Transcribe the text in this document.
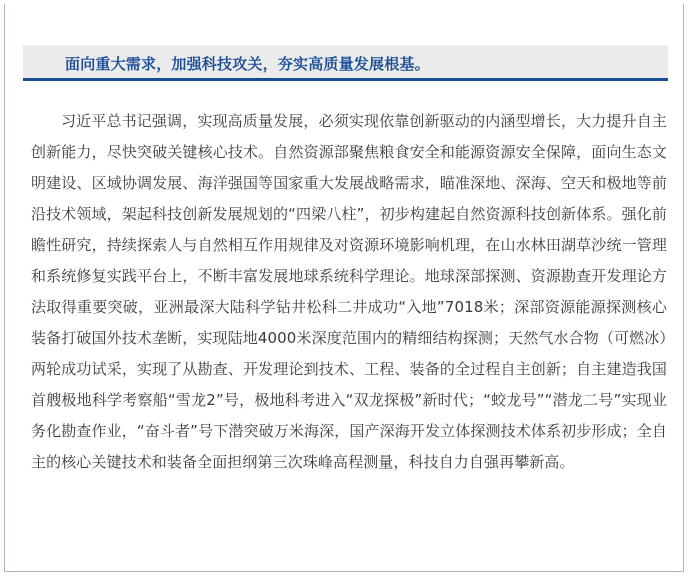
面向重大需求，加强科技攻关，夯实高质量发展根基。

习近平总书记强调，实现高质量发展，必须实现依靠创新驱动的内涵型增长，大力提升自主创新能力，尽快突破关键核心技术。自然资源部聚焦粮食安全和能源资源安全保障，面向生态文明建设、区域协调发展、海洋强国等国家重大发展战略需求，瞄准深地、深海、空天和极地等前沿技术领域，架起科技创新发展规划的“四梁八柱”，初步构建起自然资源科技创新体系。强化前瞻性研究，持续探索人与自然相互作用规律及对资源环境影响机理，在山水林田湖草沙统一管理和系统修复实践平台上，不断丰富发展地球系统科学理论。地球深部探测、资源勘查开发理论方法取得重要突破，亚洲最深大陆科学钻井松科二井成功“入地”7018米；深部资源能源探测核心装备打破国外技术垄断，实现陆地4000米深度范围内的精细结构探测；天然气水合物（可燃冰）两轮成功试采，实现了从勘查、开发理论到技术、工程、装备的全过程自主创新；自主建造我国首艘极地科学考察船“雪龙2”号，极地科考进入“双龙探极”新时代；“蛟龙号”“潜龙二号”实现业务化勘查作业，“奋斗者”号下潜突破万米海深，国产深海开发立体探测技术体系初步形成；全自主的核心关键技术和装备全面担纲第三次珠峰高程测量，科技自力自强再攀新高。
